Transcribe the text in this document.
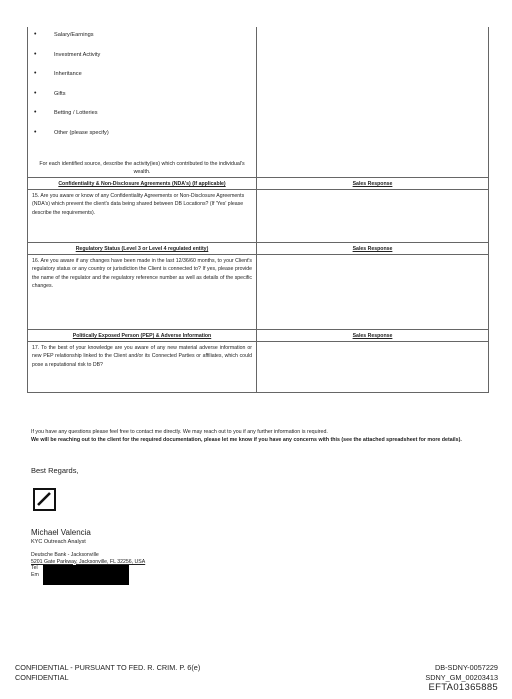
•	Salary/Earnings
•	Investment Activity
•	Inheritance
•	Gifts
•	Betting / Lotteries
•	Other (please specify)
For each identified source, describe the activity(ies) which contributed to the individual's wealth.
Confidentiality & Non-Disclosure Agreements (NDA's) (If applicable)	Sales Response
15. Are you aware or know of any Confidentiality Agreements or Non-Disclosure Agreements (NDA's) which prevent the client's data being shared between DB Locations? (If 'Yes' please describe the requirements).
Regulatory Status (Level 3 or Level 4 regulated entity)	Sales Response
16. Are you aware if any changes have been made in the last 12/36/60 months, to your Client's regulatory status or any country or jurisdiction the Client is connected to? If yes, please provide the name of the regulator and the regulatory reference number as well as details of the specific changes.
Politically Exposed Person (PEP) & Adverse Information	Sales Response
17. To the best of your knowledge are you aware of any new material adverse information or new PEP relationship linked to the Client and/or its Connected Parties or affiliates, which could pose a reputational risk to DB?
If you have any questions please feel free to contact me directly. We may reach out to you if any further information is required.
We will be reaching out to the client for the required documentation, please let me know if you have any concerns with this (see the attached spreadsheet for more details).
Best Regards,
Michael Valencia
KYC Outreach Analyst
Deutsche Bank - Jacksonville
5201 Gate Parkway, Jacksonville, FL 32256, USA
Tel
Em
CONFIDENTIAL - PURSUANT TO FED. R. CRIM. P. 6(e)
CONFIDENTIAL
DB-SDNY-0057229
SDNY_GM_00203413
EFTA01365885
